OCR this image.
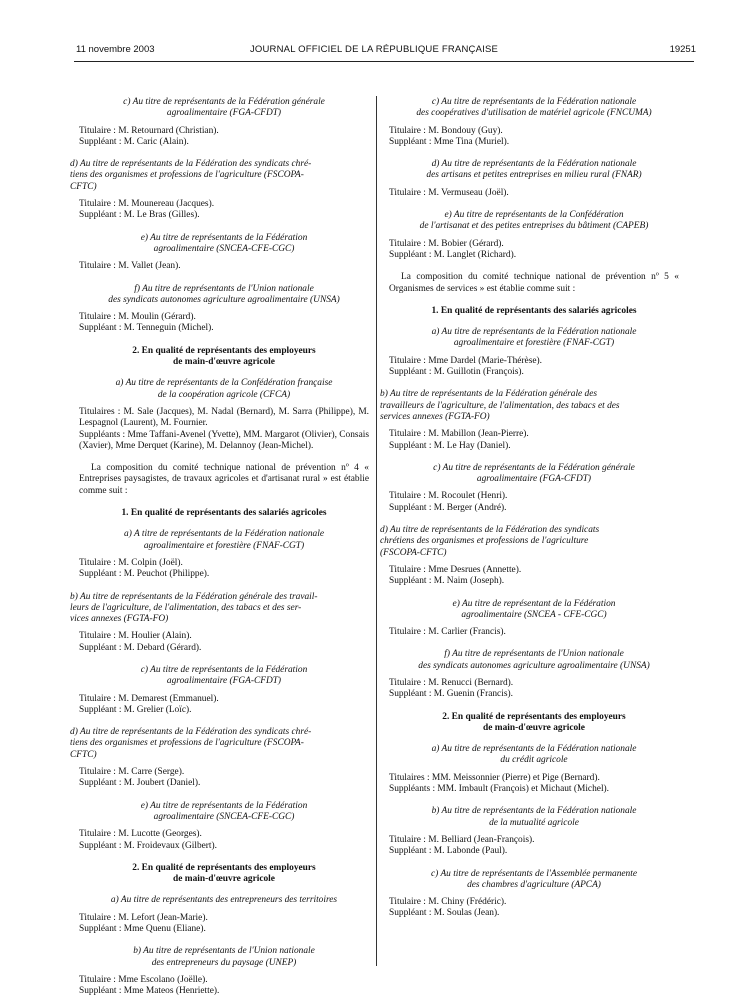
11 novembre 2003	JOURNAL OFFICIEL DE LA RÉPUBLIQUE FRANÇAISE	19251
c) Au titre de représentants de la Fédération générale
agroalimentaire (FGA-CFDT)
Titulaire : M. Retournard (Christian).
Suppléant : M. Caric (Alain).
d) Au titre de représentants de la Fédération des syndicats chré-
tiens des organismes et professions de l'agriculture (FSCOPA-
CFTC)
Titulaire : M. Mounereau (Jacques).
Suppléant : M. Le Bras (Gilles).
e) Au titre de représentants de la Fédération
agroalimentaire (SNCEA-CFE-CGC)
Titulaire : M. Vallet (Jean).
f) Au titre de représentants de l'Union nationale
des syndicats autonomes agriculture agroalimentaire (UNSA)
Titulaire : M. Moulin (Gérard).
Suppléant : M. Tenneguin (Michel).
2. En qualité de représentants des employeurs
de main-d'œuvre agricole
a) Au titre de représentants de la Confédération française
de la coopération agricole (CFCA)
Titulaires : M. Sale (Jacques), M. Nadal (Bernard), M. Sarra (Philippe), M. Lespagnol (Laurent), M. Fournier.
Suppléants : Mme Taffani-Avenel (Yvette), MM. Margarot (Olivier), Consais (Xavier), Mme Derquet (Karine), M. Delannoy (Jean-Michel).

La composition du comité technique national de prévention nº 4 « Entreprises paysagistes, de travaux agricoles et d'artisanat rural » est établie comme suit :

1. En qualité de représentants des salariés agricoles
a) A titre de représentants de la Fédération nationale
agroalimentaire et forestière (FNAF-CGT)
Titulaire : M. Colpin (Joël).
Suppléant : M. Peuchot (Philippe).
b) Au titre de représentants de la Fédération générale des travail-
leurs de l'agriculture, de l'alimentation, des tabacs et des ser-
vices annexes (FGTA-FO)
Titulaire : M. Houlier (Alain).
Suppléant : M. Debard (Gérard).
c) Au titre de représentants de la Fédération
agroalimentaire (FGA-CFDT)
Titulaire : M. Demarest (Emmanuel).
Suppléant : M. Grelier (Loïc).
d) Au titre de représentants de la Fédération des syndicats chré-
tiens des organismes et professions de l'agriculture (FSCOPA-
CFTC)
Titulaire : M. Carre (Serge).
Suppléant : M. Joubert (Daniel).
e) Au titre de représentants de la Fédération
agroalimentaire (SNCEA-CFE-CGC)
Titulaire : M. Lucotte (Georges).
Suppléant : M. Froidevaux (Gilbert).
2. En qualité de représentants des employeurs
de main-d'œuvre agricole
a) Au titre de représentants des entrepreneurs des territoires
Titulaire : M. Lefort (Jean-Marie).
Suppléant : Mme Quenu (Eliane).
b) Au titre de représentants de l'Union nationale
des entrepreneurs du paysage (UNEP)
Titulaire : Mme Escolano (Joëlle).
Suppléant : Mme Mateos (Henriette).
c) Au titre de représentants de la Fédération nationale
des coopératives d'utilisation de matériel agricole (FNCUMA)
Titulaire : M. Bondouy (Guy).
Suppléant : Mme Tina (Muriel).
d) Au titre de représentants de la Fédération nationale
des artisans et petites entreprises en milieu rural (FNAR)
Titulaire : M. Vermuseau (Joël).
e) Au titre de représentants de la Confédération
de l'artisanat et des petites entreprises du bâtiment (CAPEB)
Titulaire : M. Bobier (Gérard).
Suppléant : M. Langlet (Richard).

La composition du comité technique national de prévention nº 5 « Organismes de services » est établie comme suit :

1. En qualité de représentants des salariés agricoles
a) Au titre de représentants de la Fédération nationale
agroalimentaire et forestière (FNAF-CGT)
Titulaire : Mme Dardel (Marie-Thérèse).
Suppléant : M. Guillotin (François).
b) Au titre de représentants de la Fédération générale des
travailleurs de l'agriculture, de l'alimentation, des tabacs et des
services annexes (FGTA-FO)
Titulaire : M. Mabillon (Jean-Pierre).
Suppléant : M. Le Hay (Daniel).
c) Au titre de représentants de la Fédération générale
agroalimentaire (FGA-CFDT)
Titulaire : M. Rocoulet (Henri).
Suppléant : M. Berger (André).
d) Au titre de représentants de la Fédération des syndicats
chrétiens des organismes et professions de l'agriculture
(FSCOPA-CFTC)
Titulaire : Mme Desrues (Annette).
Suppléant : M. Naim (Joseph).
e) Au titre de représentant de la Fédération
agroalimentaire (SNCEA - CFE-CGC)
Titulaire : M. Carlier (Francis).
f) Au titre de représentants de l'Union nationale
des syndicats autonomes agriculture agroalimentaire (UNSA)
Titulaire : M. Renucci (Bernard).
Suppléant : M. Guenin (Francis).
2. En qualité de représentants des employeurs
de main-d'œuvre agricole
a) Au titre de représentants de la Fédération nationale
du crédit agricole
Titulaires : MM. Meissonnier (Pierre) et Pige (Bernard).
Suppléants : MM. Imbault (François) et Michaut (Michel).
b) Au titre de représentants de la Fédération nationale
de la mutualité agricole
Titulaire : M. Belliard (Jean-François).
Suppléant : M. Labonde (Paul).
c) Au titre de représentants de l'Assemblée permanente
des chambres d'agriculture (APCA)
Titulaire : M. Chiny (Frédéric).
Suppléant : M. Soulas (Jean).
